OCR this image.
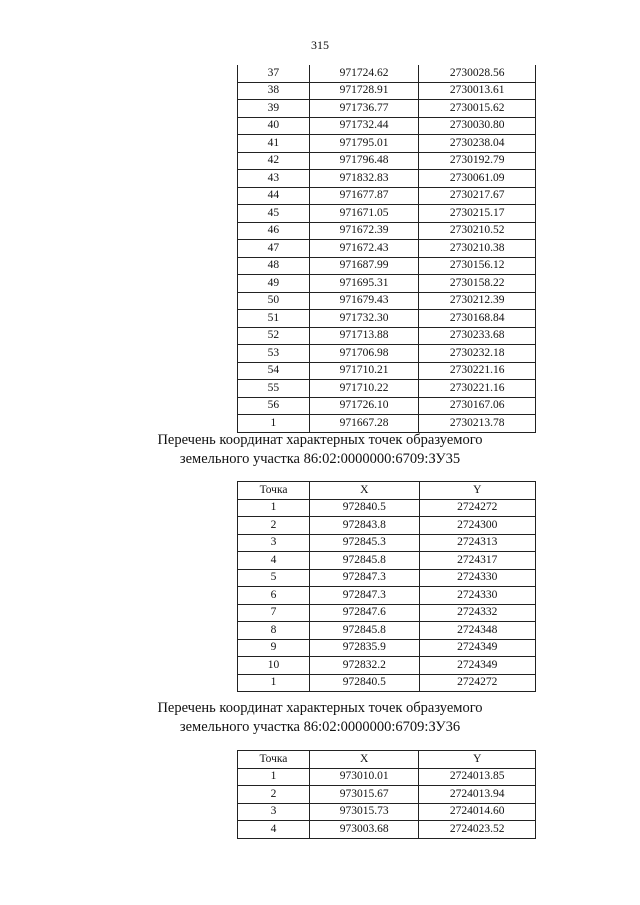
315
37	971724.62	2730028.56
38	971728.91	2730013.61
39	971736.77	2730015.62
40	971732.44	2730030.80
41	971795.01	2730238.04
42	971796.48	2730192.79
43	971832.83	2730061.09
44	971677.87	2730217.67
45	971671.05	2730215.17
46	971672.39	2730210.52
47	971672.43	2730210.38
48	971687.99	2730156.12
49	971695.31	2730158.22
50	971679.43	2730212.39
51	971732.30	2730168.84
52	971713.88	2730233.68
53	971706.98	2730232.18
54	971710.21	2730221.16
55	971710.22	2730221.16
56	971726.10	2730167.06
1	971667.28	2730213.78
Перечень координат характерных точек образуемого
земельного участка 86:02:0000000:6709:ЗУ35
Точка	X	Y
1	972840.5	2724272
2	972843.8	2724300
3	972845.3	2724313
4	972845.8	2724317
5	972847.3	2724330
6	972847.3	2724330
7	972847.6	2724332
8	972845.8	2724348
9	972835.9	2724349
10	972832.2	2724349
1	972840.5	2724272
Перечень координат характерных точек образуемого
земельного участка 86:02:0000000:6709:ЗУ36
Точка	X	Y
1	973010.01	2724013.85
2	973015.67	2724013.94
3	973015.73	2724014.60
4	973003.68	2724023.52
